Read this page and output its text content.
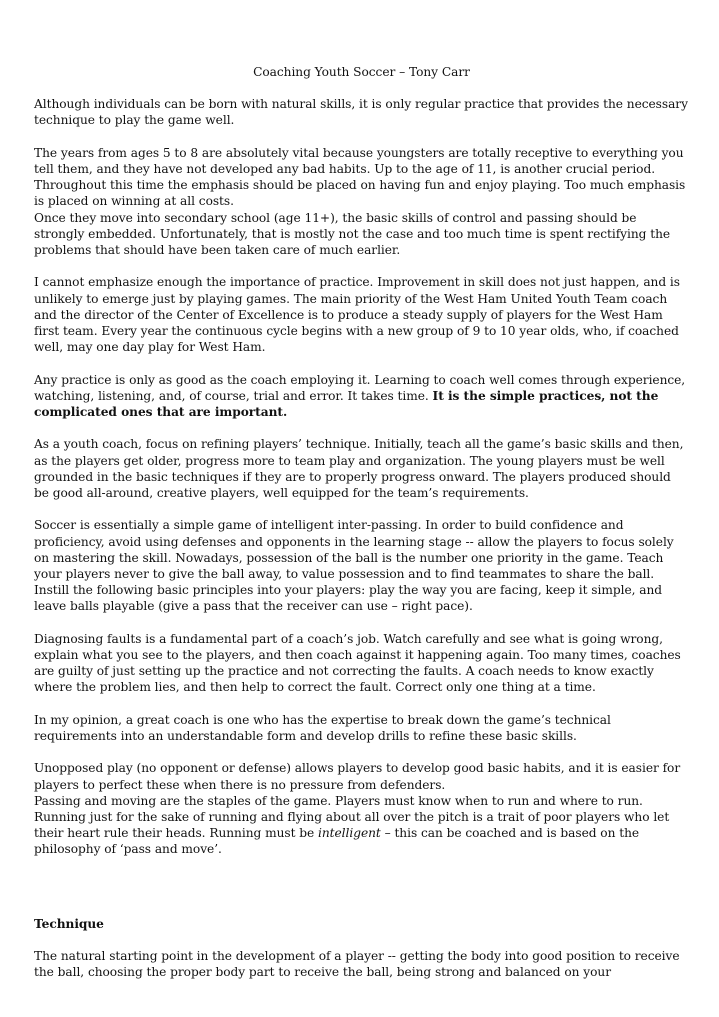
Coaching Youth Soccer – Tony Carr

Although individuals can be born with natural skills, it is only regular practice that provides the necessary technique to play the game well.

The years from ages 5 to 8 are absolutely vital because youngsters are totally receptive to everything you tell them, and they have not developed any bad habits. Up to the age of 11, is another crucial period. Throughout this time the emphasis should be placed on having fun and enjoy playing. Too much emphasis is placed on winning at all costs.

Once they move into secondary school (age 11+), the basic skills of control and passing should be strongly embedded. Unfortunately, that is mostly not the case and too much time is spent rectifying the problems that should have been taken care of much earlier.

I cannot emphasize enough the importance of practice. Improvement in skill does not just happen, and is unlikely to emerge just by playing games. The main priority of the West Ham United Youth Team coach and the director of the Center of Excellence is to produce a steady supply of players for the West Ham first team. Every year the continuous cycle begins with a new group of 9 to 10 year olds, who, if coached well, may one day play for West Ham.

Any practice is only as good as the coach employing it. Learning to coach well comes through experience, watching, listening, and, of course, trial and error. It takes time. It is the simple practices, not the complicated ones that are important.

As a youth coach, focus on refining players’ technique. Initially, teach all the game’s basic skills and then, as the players get older, progress more to team play and organization. The young players must be well grounded in the basic techniques if they are to properly progress onward. The players produced should be good all-around, creative players, well equipped for the team’s requirements.

Soccer is essentially a simple game of intelligent inter-passing. In order to build confidence and proficiency, avoid using defenses and opponents in the learning stage -- allow the players to focus solely on mastering the skill. Nowadays, possession of the ball is the number one priority in the game. Teach your players never to give the ball away, to value possession and to find teammates to share the ball. Instill the following basic principles into your players: play the way you are facing, keep it simple, and leave balls playable (give a pass that the receiver can use – right pace).

Diagnosing faults is a fundamental part of a coach’s job. Watch carefully and see what is going wrong, explain what you see to the players, and then coach against it happening again. Too many times, coaches are guilty of just setting up the practice and not correcting the faults. A coach needs to know exactly where the problem lies, and then help to correct the fault. Correct only one thing at a time.

In my opinion, a great coach is one who has the expertise to break down the game’s technical requirements into an understandable form and develop drills to refine these basic skills.

Unopposed play (no opponent or defense) allows players to develop good basic habits, and it is easier for players to perfect these when there is no pressure from defenders.

Passing and moving are the staples of the game. Players must know when to run and where to run. Running just for the sake of running and flying about all over the pitch is a trait of poor players who let their heart rule their heads. Running must be intelligent – this can be coached and is based on the philosophy of ‘pass and move’.

Technique

The natural starting point in the development of a player -- getting the body into good position to receive the ball, choosing the proper body part to receive the ball, being strong and balanced on your
